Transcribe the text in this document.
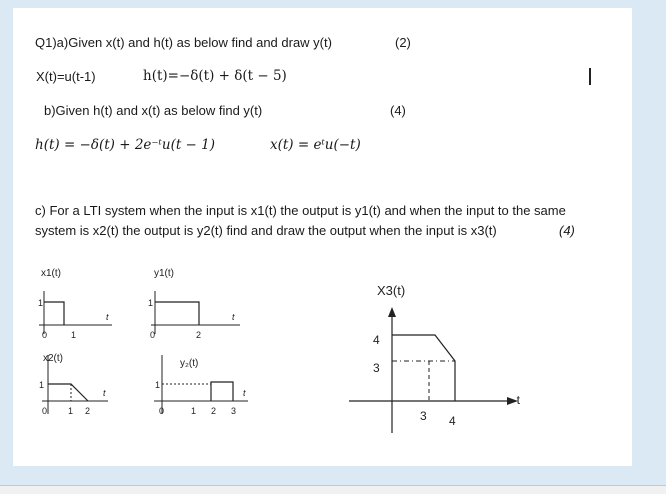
Q1)a)Given x(t) and h(t) as below find and draw y(t)	(2)
X(t)=u(t-1)	h(t)=−δ(t) + δ(t − 5)
b)Given h(t) and x(t) as below find y(t)	(4)
h(t) = −δ(t) + 2e⁻ᵗu(t − 1)	x(t) = eᵗu(−t)
c) For a LTI system when the input is x1(t) the output is y1(t) and when the input to the same
system is x2(t) the output is y2(t) find and draw the output when the input is x3(t)	(4)
x1(t)
1
t
0	1
y1(t)
1
t
0	2
x2(t)
1
t
0 1 2
y₂(t)
1
t
0	1 2 3
X3(t)
4
3
t
3 4
